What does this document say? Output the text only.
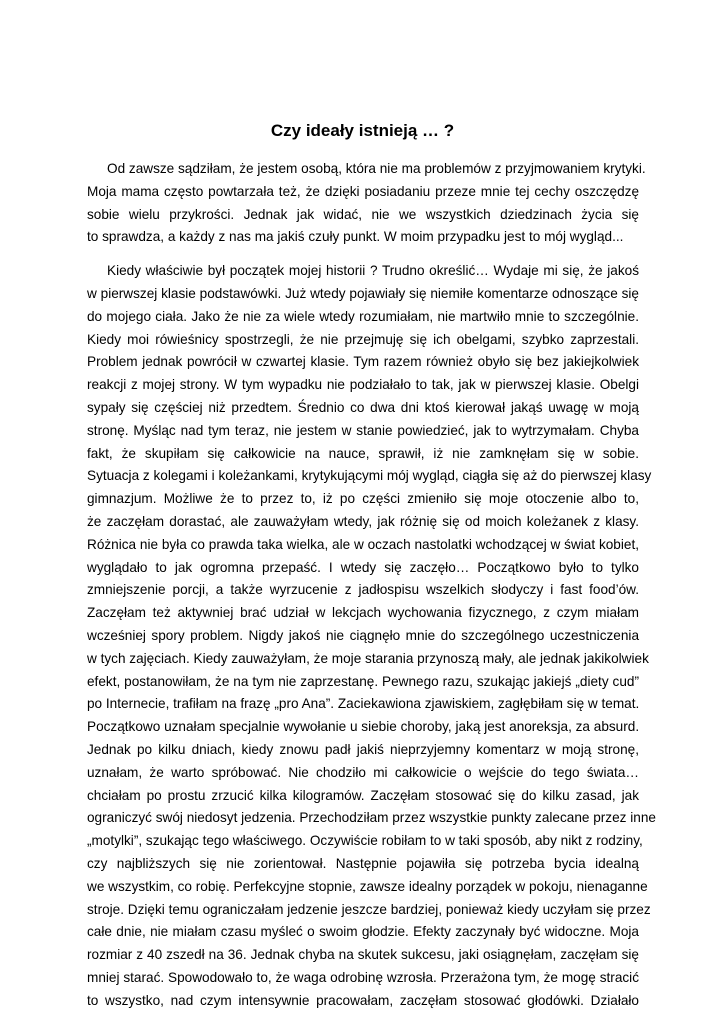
Czy ideały istnieją … ?

Od zawsze sądziłam, że jestem osobą, która nie ma problemów z przyjmowaniem krytyki.
Moja mama często powtarzała też, że dzięki posiadaniu przeze mnie tej cechy oszczędzę
sobie wielu przykrości. Jednak jak widać, nie we wszystkich dziedzinach życia się
to sprawdza, a każdy z nas ma jakiś czuły punkt. W moim przypadku jest to mój wygląd...

Kiedy właściwie był początek mojej historii ? Trudno określić… Wydaje mi się, że jakoś
w pierwszej klasie podstawówki. Już wtedy pojawiały się niemiłe komentarze odnoszące się
do mojego ciała. Jako że nie za wiele wtedy rozumiałam, nie martwiło mnie to szczególnie.
Kiedy moi rówieśnicy spostrzegli, że nie przejmuję się ich obelgami, szybko zaprzestali.
Problem jednak powrócił w czwartej klasie. Tym razem również obyło się bez jakiejkolwiek
reakcji z mojej strony. W tym wypadku nie podziałało to tak, jak w pierwszej klasie. Obelgi
sypały się częściej niż przedtem. Średnio co dwa dni ktoś kierował jakąś uwagę w moją
stronę. Myśląc nad tym teraz, nie jestem w stanie powiedzieć, jak to wytrzymałam. Chyba
fakt, że skupiłam się całkowicie na nauce, sprawił, iż nie zamknęłam się w sobie.
Sytuacja z kolegami i koleżankami, krytykującymi mój wygląd, ciągła się aż do pierwszej klasy
gimnazjum. Możliwe że to przez to, iż po części zmieniło się moje otoczenie albo to,
że zaczęłam dorastać, ale zauważyłam wtedy, jak różnię się od moich koleżanek z klasy.
Różnica nie była co prawda taka wielka, ale w oczach nastolatki wchodzącej w świat kobiet,
wyglądało to jak ogromna przepaść. I wtedy się zaczęło… Początkowo było to tylko
zmniejszenie porcji, a także wyrzucenie z jadłospisu wszelkich słodyczy i fast food’ów.
Zaczęłam też aktywniej brać udział w lekcjach wychowania fizycznego, z czym miałam
wcześniej spory problem. Nigdy jakoś nie ciągnęło mnie do szczególnego uczestniczenia
w tych zajęciach. Kiedy zauważyłam, że moje starania przynoszą mały, ale jednak jakikolwiek
efekt, postanowiłam, że na tym nie zaprzestanę. Pewnego razu, szukając jakiejś „diety cud”
po Internecie, trafiłam na frazę „pro Ana”. Zaciekawiona zjawiskiem, zagłębiłam się w temat.
Początkowo uznałam specjalnie wywołanie u siebie choroby, jaką jest anoreksja, za absurd.
Jednak po kilku dniach, kiedy znowu padł jakiś nieprzyjemny komentarz w moją stronę,
uznałam, że warto spróbować. Nie chodziło mi całkowicie o wejście do tego świata…
chciałam po prostu zrzucić kilka kilogramów. Zaczęłam stosować się do kilku zasad, jak
ograniczyć swój niedosyt jedzenia. Przechodziłam przez wszystkie punkty zalecane przez inne
„motylki”, szukając tego właściwego. Oczywiście robiłam to w taki sposób, aby nikt z rodziny,
czy najbliższych się nie zorientował. Następnie pojawiła się potrzeba bycia idealną
we wszystkim, co robię. Perfekcyjne stopnie, zawsze idealny porządek w pokoju, nienaganne
stroje. Dzięki temu ograniczałam jedzenie jeszcze bardziej, ponieważ kiedy uczyłam się przez
całe dnie, nie miałam czasu myśleć o swoim głodzie. Efekty zaczynały być widoczne. Moja
rozmiar z 40 zszedł na 36. Jednak chyba na skutek sukcesu, jaki osiągnęłam, zaczęłam się
mniej starać. Spowodowało to, że waga odrobinę wzrosła. Przerażona tym, że mogę stracić
to wszystko, nad czym intensywnie pracowałam, zaczęłam stosować głodówki. Działało
